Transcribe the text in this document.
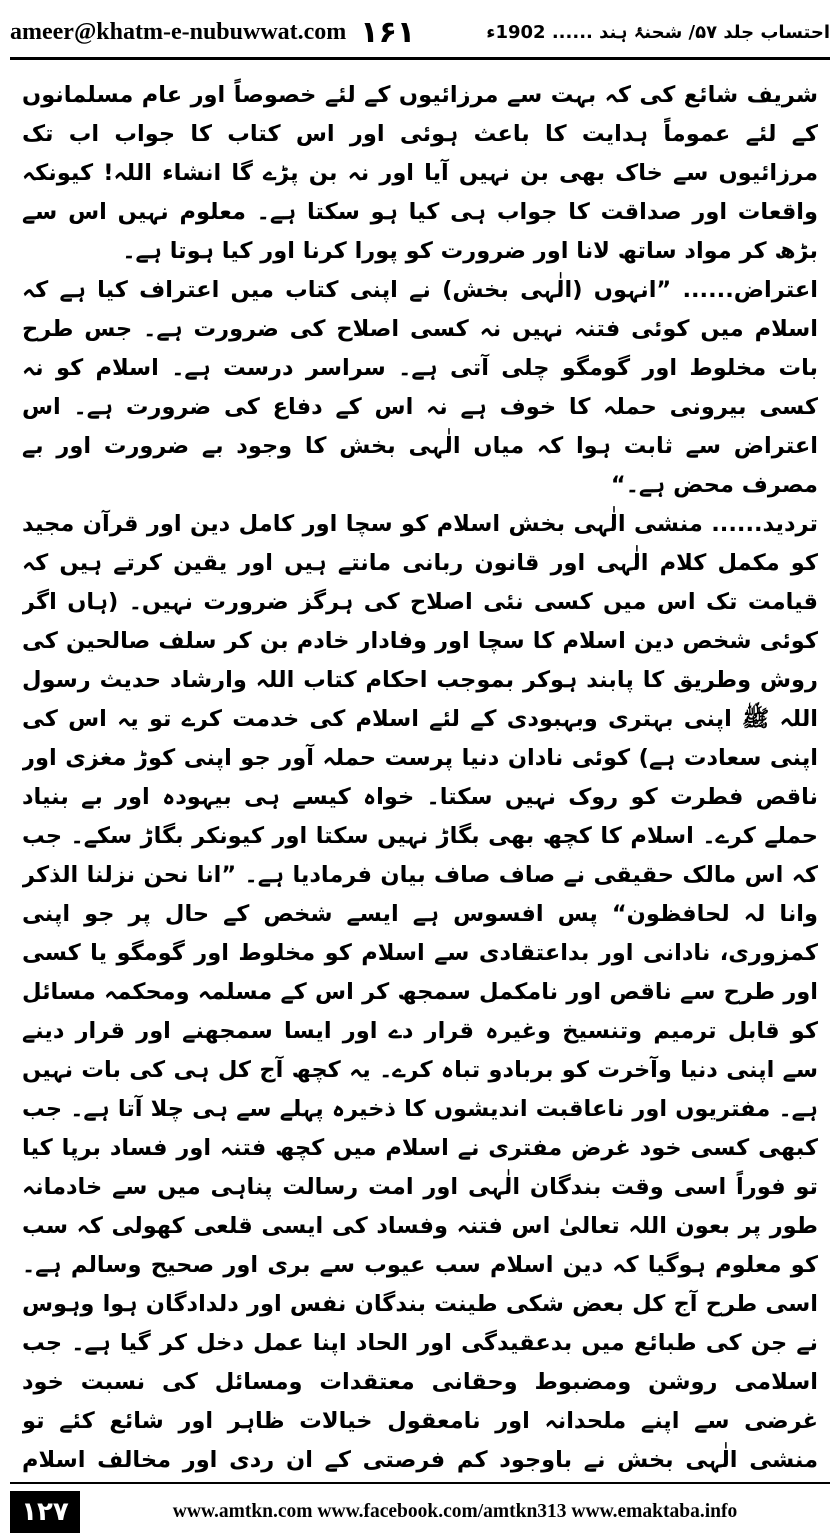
ameer@khatm-e-nubuwwat.com ۱۶۱	احتساب جلد ۵۷/ شحنۂ ہند ...... 1902ء

شریف شائع کی کہ بہت سے مرزائیوں کے لئے خصوصاً اور عام مسلمانوں کے لئے عموماً ہدایت کا باعث ہوئی اور اس کتاب کا جواب اب تک مرزائیوں سے خاک بھی بن نہیں آیا اور نہ بن پڑے گا انشاء اللہ! کیونکہ واقعات اور صداقت کا جواب ہی کیا ہو سکتا ہے۔ معلوم نہیں اس سے بڑھ کر مواد ساتھ لانا اور ضرورت کو پورا کرنا اور کیا ہوتا ہے۔

اعتراض...... ”انہوں (الٰہی بخش) نے اپنی کتاب میں اعتراف کیا ہے کہ اسلام میں کوئی فتنہ نہیں نہ کسی اصلاح کی ضرورت ہے۔ جس طرح بات مخلوط اور گومگو چلی آتی ہے۔ سراسر درست ہے۔ اسلام کو نہ کسی بیرونی حملہ کا خوف ہے نہ اس کے دفاع کی ضرورت ہے۔ اس اعتراض سے ثابت ہوا کہ میاں الٰہی بخش کا وجود بے ضرورت اور بے مصرف محض ہے۔“

تردید...... منشی الٰہی بخش اسلام کو سچا اور کامل دین اور قرآن مجید کو مکمل کلام الٰہی اور قانون ربانی مانتے ہیں اور یقین کرتے ہیں کہ قیامت تک اس میں کسی نئی اصلاح کی ہرگز ضرورت نہیں۔ (ہاں اگر کوئی شخص دین اسلام کا سچا اور وفادار خادم بن کر سلف صالحین کی روش وطریق کا پابند ہوکر بموجب احکام کتاب اللہ وارشاد حدیث رسول اللہ ﷺ اپنی بہتری وبہبودی کے لئے اسلام کی خدمت کرے تو یہ اس کی اپنی سعادت ہے) کوئی نادان دنیا پرست حملہ آور جو اپنی کوڑ مغزی اور ناقص فطرت کو روک نہیں سکتا۔ خواہ کیسے ہی بیہودہ اور بے بنیاد حملے کرے۔ اسلام کا کچھ بھی بگاڑ نہیں سکتا اور کیونکر بگاڑ سکے۔ جب کہ اس مالک حقیقی نے صاف صاف بیان فرمادیا ہے۔ ”انا نحن نزلنا الذکر وانا لہ لحافظون“ پس افسوس ہے ایسے شخص کے حال پر جو اپنی کمزوری، نادانی اور بداعتقادی سے اسلام کو مخلوط اور گومگو یا کسی اور طرح سے ناقص اور نامکمل سمجھ کر اس کے مسلمہ ومحکمہ مسائل کو قابل ترمیم وتنسیخ وغیرہ قرار دے اور ایسا سمجھنے اور قرار دینے سے اپنی دنیا وآخرت کو بربادو تباہ کرے۔ یہ کچھ آج کل ہی کی بات نہیں ہے۔ مفتریوں اور ناعاقبت اندیشوں کا ذخیرہ پہلے سے ہی چلا آتا ہے۔ جب کبھی کسی خود غرض مفتری نے اسلام میں کچھ فتنہ اور فساد برپا کیا تو فوراً اسی وقت بندگان الٰہی اور امت رسالت پناہی میں سے خادمانہ طور پر بعون اللہ تعالیٰ اس فتنہ وفساد کی ایسی قلعی کھولی کہ سب کو معلوم ہوگیا کہ دین اسلام سب عیوب سے بری اور صحیح وسالم ہے۔ اسی طرح آج کل بعض شکی طینت بندگان نفس اور دلدادگان ہوا وہوس نے جن کی طبائع میں بدعقیدگی اور الحاد اپنا عمل دخل کر گیا ہے۔ جب اسلامی روشن ومضبوط وحقانی معتقدات ومسائل کی نسبت خود غرضی سے اپنے ملحدانہ اور نامعقول خیالات ظاہر اور شائع کئے تو منشی الٰہی بخش نے باوجود کم فرصتی کے ان ردی اور مخالف اسلام

۱۲۷	www.amtkn.com www.facebook.com/amtkn313 www.emaktaba.info
